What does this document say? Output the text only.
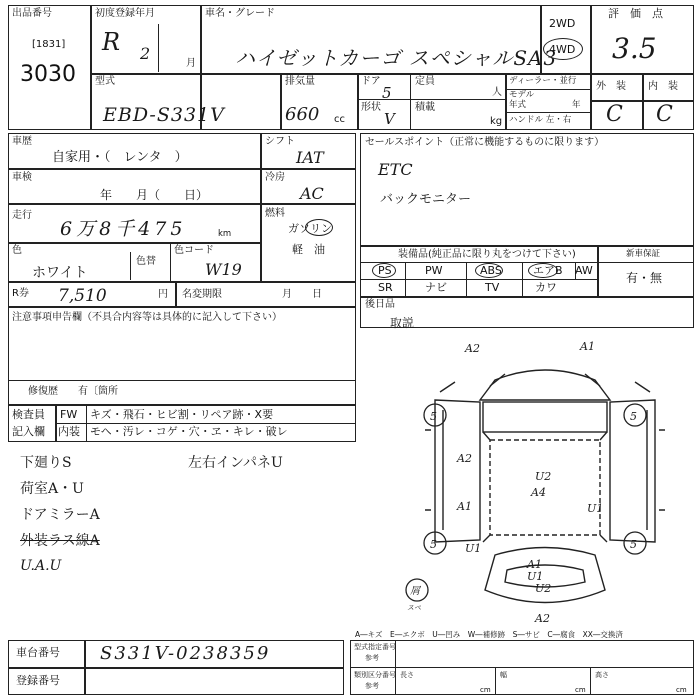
出品番号
[1831]
3030
初度登録年月
R 2
月
車名・グレード
ハイゼットカーゴ スペシャルSA3
2WD
4WD
評　価　点
3.5
型式
EBD-S331V
排気量
660 cc
ドア
5
形状
V
定員
人
積載
kg
ディーラー・並行
モデル
年式	年
ハンドル 左・右
外　装 内　装
C C
車歴
自家用・（　レンタ　）
車検
年　　月（　　日）
走行
6万8千475	km
色
ホワイト
色替
色コード
W19
R券 7,510	円 名変期限	月　　日
シフト
IAT
冷房
AC
燃料
ガソリン
軽　油
注意事項申告欄（不具合内容等は具体的に記入して下さい）
修復歴　　有〔箇所
セールスポイント（正常に機能するものに限ります）
ETC
バックモニター
装備品(純正品に限り丸をつけて下さい)
PS	PW	ABS	エアB AW
SR	ナビ	TV	カワ
新車保証
有・無
後日品
取説
検査員
記入欄
FW キズ・飛石・ヒビ割・リペア跡・X要
内装 モヘ・汚レ・コゲ・穴・ヱ・キレ・破レ
下廻りS
荷室A・U
ドアミラーA
外装ラス線A
U.A.U
左右インパネU
A2	A1
5	5
5	5
A2
U2
A4
A1	U1
U1
A1
U1
U2
A2
屑
スペ
A―キズ　E―エクボ　U―凹み　W―補修跡　S―サビ　C―腐食　XX―交換済
車台番号 S331V-0238359
登録番号
型式指定番号
参考
類別区分番号
参考
長さ
cm
幅
cm
高さ
cm
